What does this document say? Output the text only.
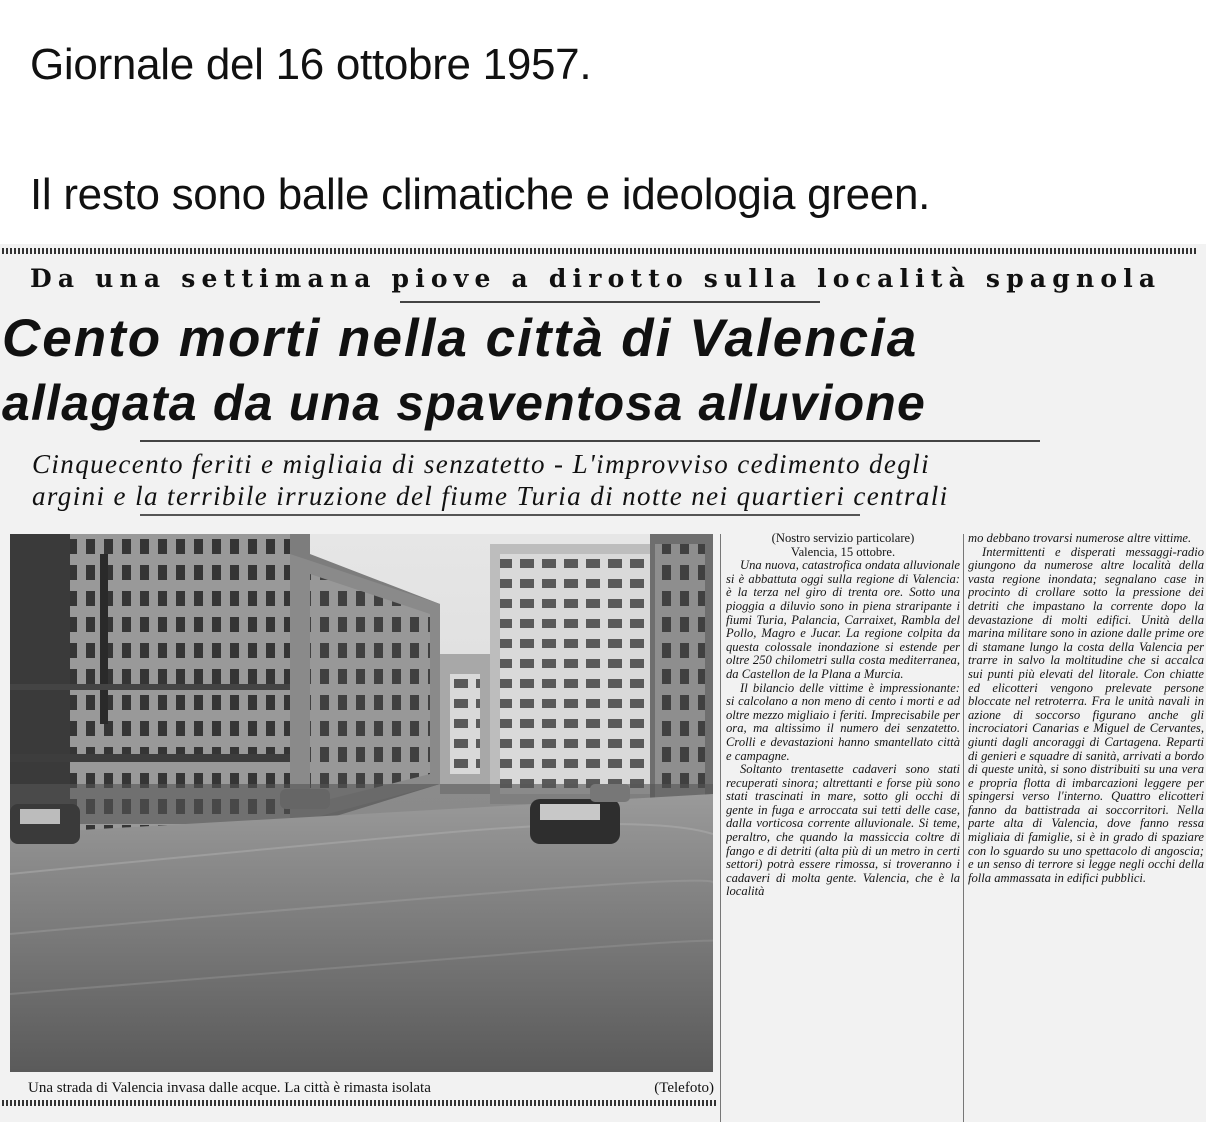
Giornale del 16 ottobre 1957.
Il resto sono balle climatiche e ideologia green.
Da una settimana piove a dirotto sulla località spagnola
Cento morti nella città di Valencia
allagata da una spaventosa alluvione
Cinquecento feriti e migliaia di senzatetto - L'improvviso cedimento degli
argini e la terribile irruzione del fiume Turia di notte nei quartieri centrali
Una strada di Valencia invasa dalle acque. La città è rimasta isolata	(Telefoto)

(Nostro servizio particolare)

Valencia, 15 ottobre.

Una nuova, catastrofica ondata alluvionale si è abbattuta oggi sulla regione di Valencia: è la terza nel giro di trenta ore. Sotto una pioggia a diluvio sono in piena straripante i fiumi Turia, Palancia, Carraixet, Rambla del Pollo, Magro e Jucar. La regione colpita da questa colossale inondazione si estende per oltre 250 chilometri sulla costa mediterranea, da Castellon de la Plana a Murcia.

Il bilancio delle vittime è impressionante: si calcolano a non meno di cento i morti e ad oltre mezzo migliaio i feriti. Imprecisabile per ora, ma altissimo il numero dei senzatetto. Crolli e devastazioni hanno smantellato città e campagne.

Soltanto trentasette cadaveri sono stati recuperati sinora; altrettanti e forse più sono stati trascinati in mare, sotto gli occhi di gente in fuga e arroccata sui tetti delle case, dalla vorticosa corrente alluvionale. Si teme, peraltro, che quando la massiccia coltre di fango e di detriti (alta più di un metro in certi settori) potrà essere rimossa, si troveranno i cadaveri di molta gente. Valencia, che è la località

mo debbano trovarsi numerose altre vittime.

Intermittenti e disperati messaggi-radio giungono da numerose altre località della vasta regione inondata; segnalano case in procinto di crollare sotto la pressione dei detriti che impastano la corrente dopo la devastazione di molti edifici. Unità della marina militare sono in azione dalle prime ore di stamane lungo la costa della Valencia per trarre in salvo la moltitudine che si accalca sui punti più elevati del litorale. Con chiatte ed elicotteri vengono prelevate persone bloccate nel retroterra. Fra le unità navali in azione di soccorso figurano anche gli incrociatori Canarias e Miguel de Cervantes, giunti dagli ancoraggi di Cartagena. Reparti di genieri e squadre di sanità, arrivati a bordo di queste unità, si sono distribuiti su una vera e propria flotta di imbarcazioni leggere per spingersi verso l'interno. Quattro elicotteri fanno da battistrada ai soccorritori. Nella parte alta di Valencia, dove fanno ressa migliaia di famiglie, si è in grado di spaziare con lo sguardo su uno spettacolo di angoscia; e un senso di terrore si legge negli occhi della folla ammassata in edifici pubblici.
